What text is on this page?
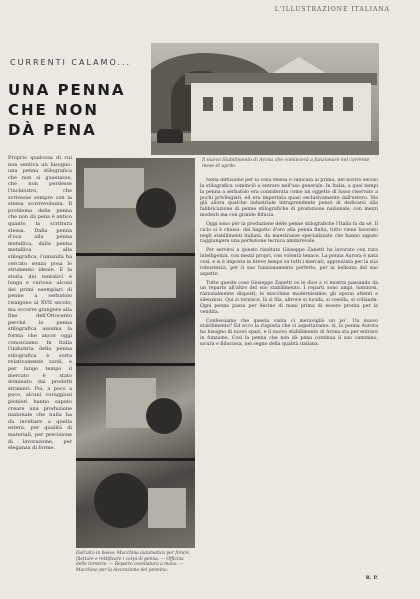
L'ILLUSTRAZIONE ITALIANA
CURRENTI CALAMO...
UNA PENNA
CHE NON
DÀ PENA
Il nuovo Stabilimento di Arona che comincerà a funzionare nel corrente mese di aprile.
Proprio qualcosa di cui non sentiva un bisogno: una penna stilografica che non si guastasse, che non perdesse l'inchiostro, che scrivesse sempre con la stessa scorrevolezza. Il problema della penna che non dà pena è antico quanto la scrittura stessa. Dalla penna d'oca alla penna metallica, dalla penna metallica alla stilografica, l'umanità ha cercato senza posa lo strumento ideale. E la storia dei tentativi è lunga e curiosa: alcuni dei primi esemplari di penne a serbatoio risalgono al XVII secolo; ma occorre giungere alla fine dell'Ottocento perché la penna stilografica assuma la forma che ancor oggi conosciamo. In Italia l'industria della penna stilografica è sorta relativamente tardi, e per lungo tempo il mercato è stato dominato dai prodotti stranieri. Poi, a poco a poco, alcuni coraggiosi pionieri hanno saputo creare una produzione nazionale che nulla ha da invidiare a quella estera, per qualità di materiali, per precisione di lavorazione, per eleganza di forme.
Dall'alto in basso: Macchina automatica per forare, filettare e rettificare i corpi di penna. — Officina delle tornerie. — Reparto cesellatura a mano. — Macchine per la lavorazione del pennino.

Nella diffusione per la cosa stessa e radicata ai prima, del nostro secolo la stilografica cominciò a entrare nell'uso generale. In Italia, a quei tempi la penna a serbatoio era considerata come un oggetto di lusso riservato a pochi privilegiati, ed era importata quasi esclusivamente dall'estero. Ma già allora qualche industriale intraprendente pensò di dedicarsi alla fabbricazione di penne stilografiche di produzione nazionale, con mezzi modesti ma con grande fiducia.

Oggi sono per la produzione delle penne stilografiche l'Italia fa da sé. Il ciclo si è chiuso: dal lingotto d'oro alla penna finita, tutto viene lavorato negli stabilimenti italiani, da maestranze specializzate che hanno saputo raggiungere una perfezione tecnica ammirevole.

Per servirsi a questo risultato Giuseppe Zanetti ha lavorato con rara intelligenza, con mezzi propri, con volontà tenace. La penna Aurora è nata così, e si è imposta in breve tempo su tutti i mercati, apprezzata per la sua robustezza, per il suo funzionamento perfetto, per la bellezza del suo aspetto.

Tutte queste cose Giuseppe Zanetti ce le dice a vi mostra passando da un reparto all'altro del suo stabilimento. I reparti sono ampi, luminosi, razionalmente disposti; le macchine modernissime; gli operai attenti e silenziosi. Qui si tornisce, là si fila, altrove si lucida, si cesella, si collauda. Ogni penna passa per decine di mani prima di essere pronta per la vendita.

Confessiamo che questa visita ci meravigliò un po'. Un nuovo stabilimento? Ed ecco la risposta che ci aspettavamo: sì, la penna Aurora ha bisogno di nuovi spazi, e il nuovo stabilimento di Arona sta per entrare in funzione. Così la penna che non dà pena continua il suo cammino, sicura e fiduciosa, nel segno della qualità italiana.

R. P.
